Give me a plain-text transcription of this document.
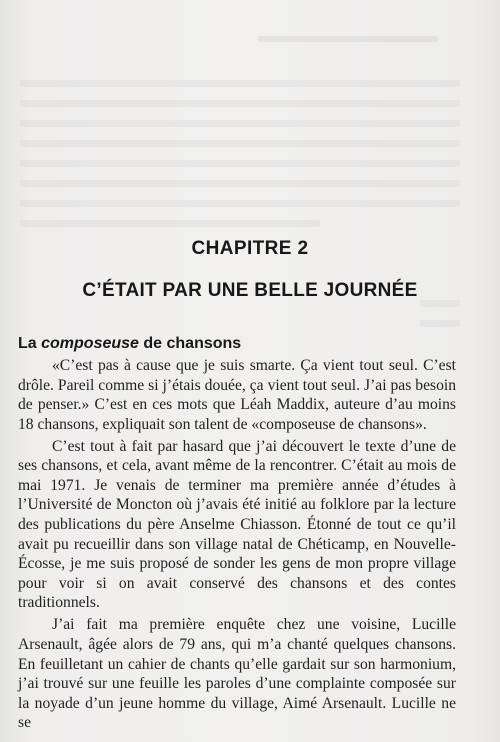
CHAPITRE 2
C’ÉTAIT PAR UNE BELLE JOURNÉE
La composeuse de chansons

«C’est pas à cause que je suis smarte. Ça vient tout seul. C’est drôle. Pareil comme si j’étais douée, ça vient tout seul. J’ai pas besoin de penser.» C’est en ces mots que Léah Maddix, auteure d’au moins 18 chansons, expliquait son talent de «composeuse de chansons».

C’est tout à fait par hasard que j’ai découvert le texte d’une de ses chansons, et cela, avant même de la rencontrer. C’était au mois de mai 1971. Je venais de terminer ma première année d’études à l’Université de Moncton où j’avais été initié au folklore par la lecture des publications du père Anselme Chiasson. Étonné de tout ce qu’il avait pu recueillir dans son village natal de Chéticamp, en Nouvelle-Écosse, je me suis proposé de sonder les gens de mon propre village pour voir si on avait conservé des chansons et des contes traditionnels.

J’ai fait ma première enquête chez une voisine, Lucille Arsenault, âgée alors de 79 ans, qui m’a chanté quelques chansons. En feuilletant un cahier de chants qu’elle gardait sur son harmonium, j’ai trouvé sur une feuille les paroles d’une complainte composée sur la noyade d’un jeune homme du village, Aimé Arsenault. Lucille ne se
